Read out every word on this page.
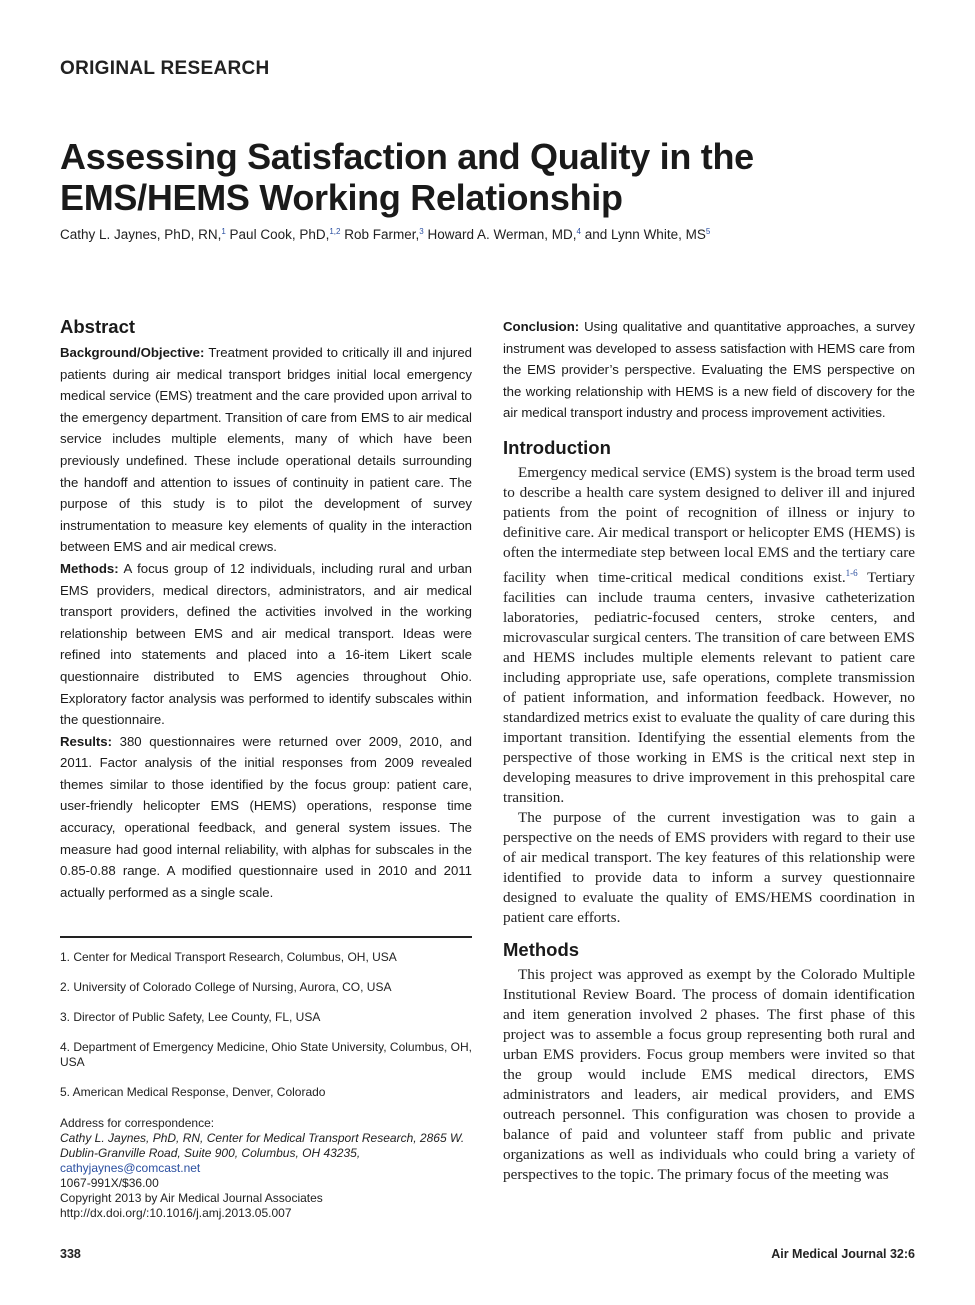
ORIGINAL RESEARCH
Assessing Satisfaction and Quality in the
EMS/HEMS Working Relationship
Cathy L. Jaynes, PhD, RN,$^1$ Paul Cook, PhD,$^{1,2}$ Rob Farmer,$^3$ Howard A. Werman, MD,$^4$ and Lynn White, $MS^5$
Abstract

Background/Objective: Treatment provided to critically ill and injured patients during air medical transport bridges initial local emergency medical service (EMS) treatment and the care provided upon arrival to the emergency department. Transition of care from EMS to air medical service includes multiple elements, many of which have been previously undefined. These include operational details surrounding the handoff and attention to issues of continuity in patient care. The purpose of this study is to pilot the development of survey instrumentation to measure key elements of quality in the interaction between EMS and air medical crews.

Methods: A focus group of 12 individuals, including rural and urban EMS providers, medical directors, administrators, and air medical transport providers, defined the activities involved in the working relationship between EMS and air medical transport. Ideas were refined into statements and placed into a 16-item Likert scale questionnaire distributed to EMS agencies throughout Ohio. Exploratory factor analysis was performed to identify subscales within the questionnaire.

Results: 380 questionnaires were returned over 2009, 2010, and 2011. Factor analysis of the initial responses from 2009 revealed themes similar to those identified by the focus group: patient care, user-friendly helicopter EMS (HEMS) operations, response time accuracy, operational feedback, and general system issues. The measure had good internal reliability, with alphas for subscales in the 0.85-0.88 range. A modified questionnaire used in 2010 and 2011 actually performed as a single scale.

1. Center for Medical Transport Research, Columbus, OH, USA
2. University of Colorado College of Nursing, Aurora, CO, USA
3. Director of Public Safety, Lee County, FL, USA
4. Department of Emergency Medicine, Ohio State University, Columbus, OH, USA
5. American Medical Response, Denver, Colorado
Address for correspondence:
Cathy L. Jaynes, PhD, RN, Center for Medical Transport Research, 2865 W. Dublin-Granville Road, Suite 900, Columbus, OH 43235, cathyjaynes@comcast.net
1067-991X/$36.00
Copyright 2013 by Air Medical Journal Associates
http://dx.doi.org/:10.1016/j.amj.2013.05.007

Conclusion: Using qualitative and quantitative approaches, a survey instrument was developed to assess satisfaction with HEMS care from the EMS provider’s perspective. Evaluating the EMS perspective on the working relationship with HEMS is a new field of discovery for the air medical transport industry and process improvement activities.

Introduction

Emergency medical service (EMS) system is the broad term used to describe a health care system designed to deliver ill and injured patients from the point of recognition of illness or injury to definitive care. Air medical transport or helicopter EMS (HEMS) is often the intermediate step between local EMS and the tertiary care facility when time-critical medical conditions exist.$^{1-6}$ Tertiary facilities can include trauma centers, invasive catheterization laboratories, pediatric-focused centers, stroke centers, and microvascular surgical centers. The transition of care between EMS and HEMS includes multiple elements relevant to patient care including appropriate use, safe operations, complete transmission of patient information, and information feedback. However, no standardized metrics exist to evaluate the quality of care during this important transition. Identifying the essential elements from the perspective of those working in EMS is the critical next step in developing measures to drive improvement in this prehospital care transition.

The purpose of the current investigation was to gain a perspective on the needs of EMS providers with regard to their use of air medical transport. The key features of this relationship were identified to provide data to inform a survey questionnaire designed to evaluate the quality of EMS/HEMS coordination in patient care efforts.

Methods

This project was approved as exempt by the Colorado Multiple Institutional Review Board. The process of domain identification and item generation involved 2 phases. The first phase of this project was to assemble a focus group representing both rural and urban EMS providers. Focus group members were invited so that the group would include EMS medical directors, EMS administrators and leaders, air medical providers, and EMS outreach personnel. This configuration was chosen to provide a balance of paid and volunteer staff from public and private organizations as well as individuals who could bring a variety of perspectives to the topic. The primary focus of the meeting was

338	Air Medical Journal 32:6
